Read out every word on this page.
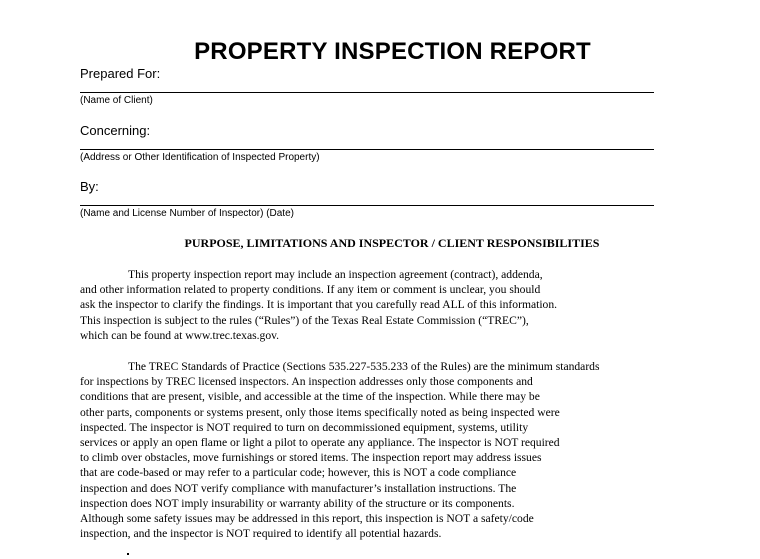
PROPERTY INSPECTION REPORT
Prepared For:
(Name of Client)
Concerning:
(Address or Other Identification of Inspected Property)
By:
(Name and License Number of Inspector) (Date)
PURPOSE, LIMITATIONS AND INSPECTOR / CLIENT RESPONSIBILITIES
This property inspection report may include an inspection agreement (contract), addenda,
and other information related to property conditions. If any item or comment is unclear, you should
ask the inspector to clarify the findings. It is important that you carefully read ALL of this information.
This inspection is subject to the rules (“Rules”) of the Texas Real Estate Commission (“TREC”),
which can be found at www.trec.texas.gov.
The TREC Standards of Practice (Sections 535.227-535.233 of the Rules) are the minimum standards
for inspections by TREC licensed inspectors. An inspection addresses only those components and
conditions that are present, visible, and accessible at the time of the inspection. While there may be
other parts, components or systems present, only those items specifically noted as being inspected were
inspected. The inspector is NOT required to turn on decommissioned equipment, systems, utility
services or apply an open flame or light a pilot to operate any appliance. The inspector is NOT required
to climb over obstacles, move furnishings or stored items. The inspection report may address issues
that are code-based or may refer to a particular code; however, this is NOT a code compliance
inspection and does NOT verify compliance with manufacturer’s installation instructions. The
inspection does NOT imply insurability or warranty ability of the structure or its components.
Although some safety issues may be addressed in this report, this inspection is NOT a safety/code
inspection, and the inspector is NOT required to identify all potential hazards.
